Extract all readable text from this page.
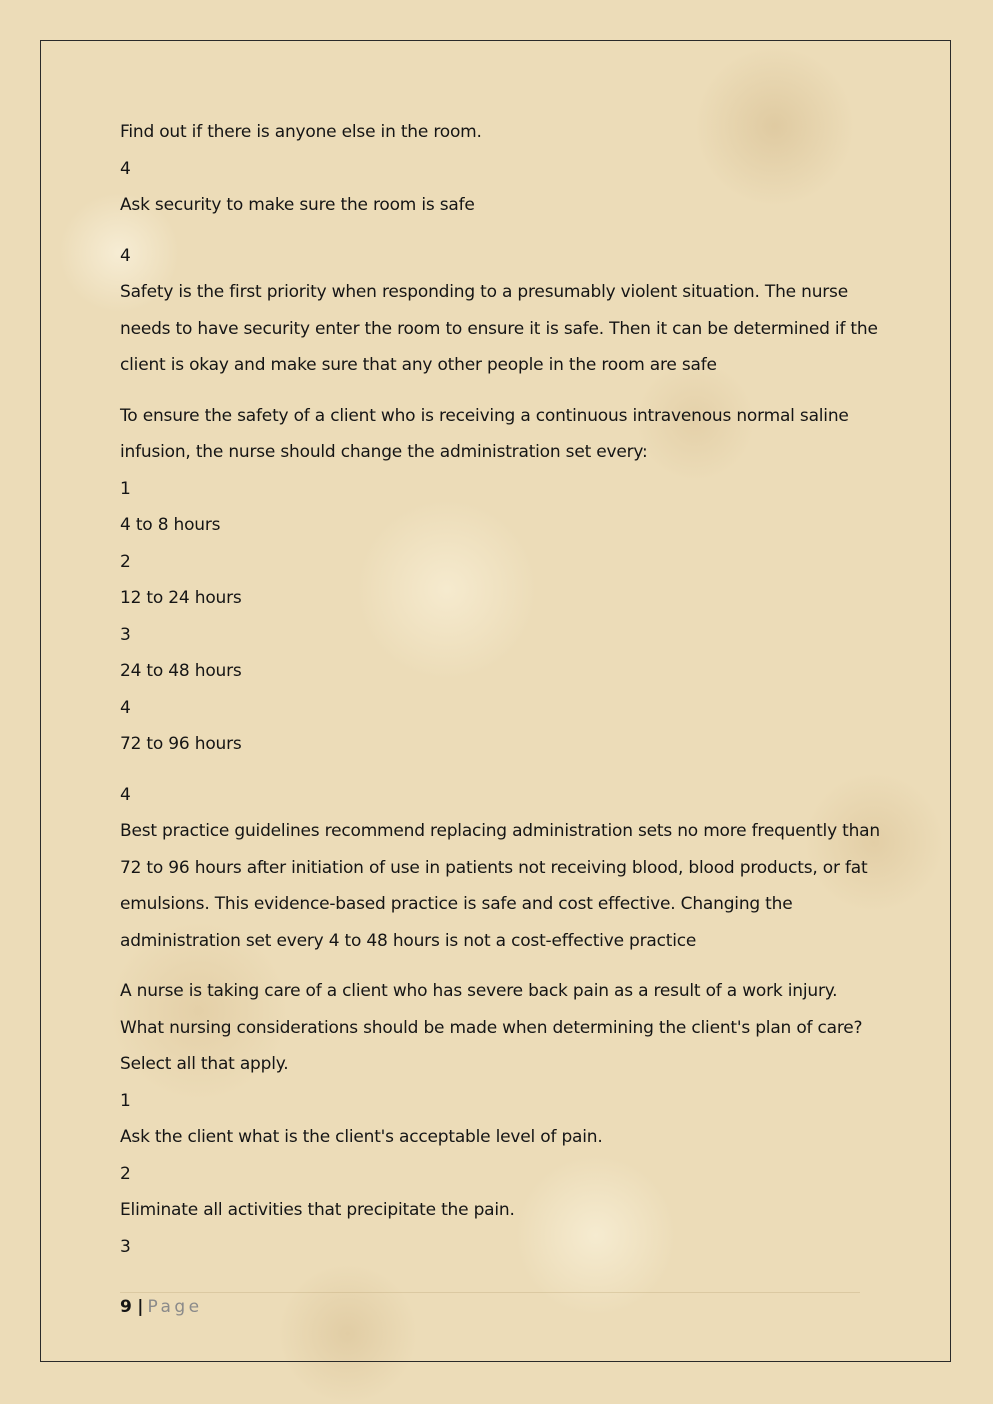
Find out if there is anyone else in the room.

4

Ask security to make sure the room is safe

4

Safety is the first priority when responding to a presumably violent situation. The nurse needs to have security enter the room to ensure it is safe. Then it can be determined if the client is okay and make sure that any other people in the room are safe

To ensure the safety of a client who is receiving a continuous intravenous normal saline infusion, the nurse should change the administration set every:

1

4 to 8 hours

2

12 to 24 hours

3

24 to 48 hours

4

72 to 96 hours

4

Best practice guidelines recommend replacing administration sets no more frequently than 72 to 96 hours after initiation of use in patients not receiving blood, blood products, or fat emulsions. This evidence-based practice is safe and cost effective. Changing the administration set every 4 to 48 hours is not a cost-effective practice

A nurse is taking care of a client who has severe back pain as a result of a work injury. What nursing considerations should be made when determining the client's plan of care? Select all that apply.

1

Ask the client what is the client's acceptable level of pain.

2

Eliminate all activities that precipitate the pain.

3

9 | Page
